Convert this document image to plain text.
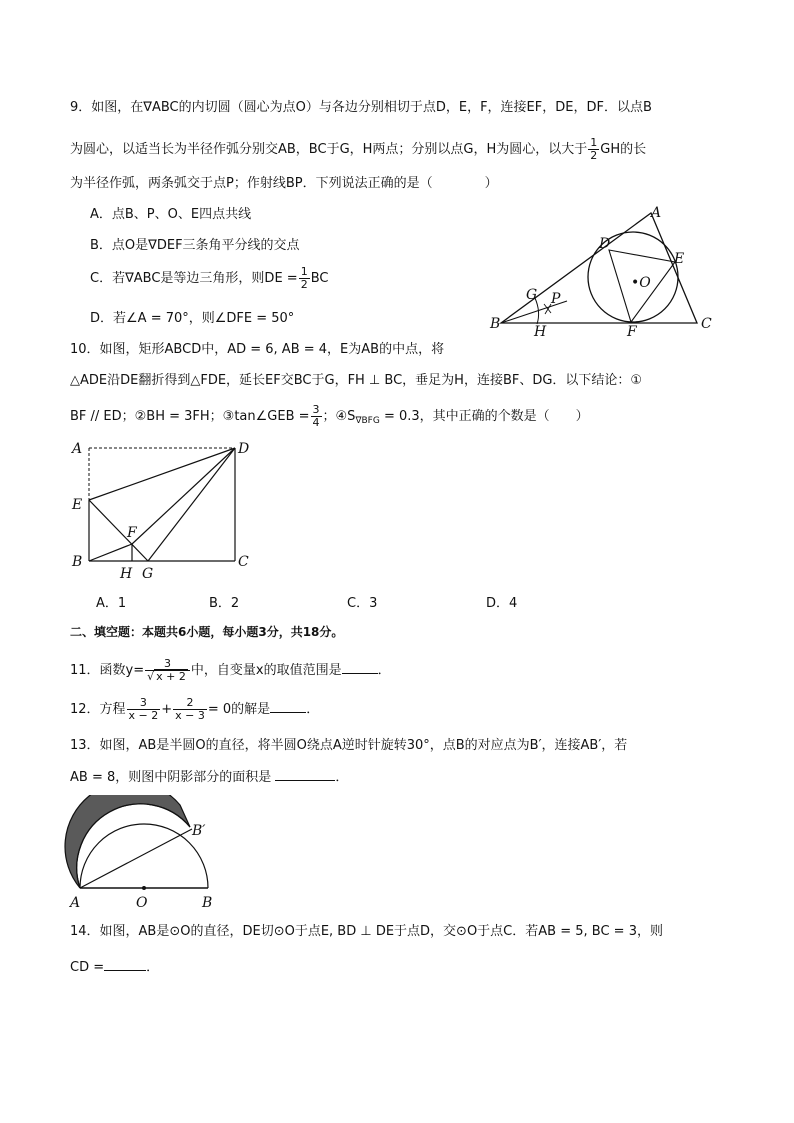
9．如图，在∇ABC的内切圆（圆心为点O）与各边分别相切于点D，E，F，连接EF，DE，DF．以点B
为圆心，以适当长为半径作弧分别交AB，BC于G，H两点；分别以点G，H为圆心，以大于 $\frac{1}{2}$ GH的长
为半径作弧，两条弧交于点P；作射线BP．下列说法正确的是（　　　　）
A．点B、P、O、E四点共线
B．点O是∇DEF三条角平分线的交点
C．若∇ABC是等边三角形，则DE = $\frac{1}{2}$ BC
D．若∠A = 70°，则∠DFE = 50°
A
B	C
D
E
F
G
H
P
•O
10．如图，矩形ABCD中，AD = 6, AB = 4，E为AB的中点，将
△ADE沿DE翻折得到△FDE，延长EF交BC于G，FH ⊥ BC，垂足为H，连接BF、DG．以下结论：①
BF // ED；②BH = 3FH；③tan∠GEB = $\frac{3}{4}$ ；$④S_{\nabla BFG} = 0.3$，其中正确的个数是（　　）
A	D
E
F
B	C
H G
A．1	B．2	C．3	D．4
二、填空题：本题共6小题，每小题3分，共18分。
11．函数$y= \frac{3}{√ x + 2}$ 中，自变量x的取值范围是	．
12．方程 $\frac{3}{x - 2} + \frac{2}{x - 3} = 0$的解是	．
13．如图，AB是半圆O的直径，将半圆O绕点A逆时针旋转30°，点B的对应点为B′，连接AB′，若
AB = 8，则图中阴影部分的面积是	．
A	O	B
B′
14．如图，AB是⊙O的直径，DE切⊙O于点E, BD ⊥ DE于点D，交⊙O于点C．若AB = 5, BC = 3，则
CD =	．
